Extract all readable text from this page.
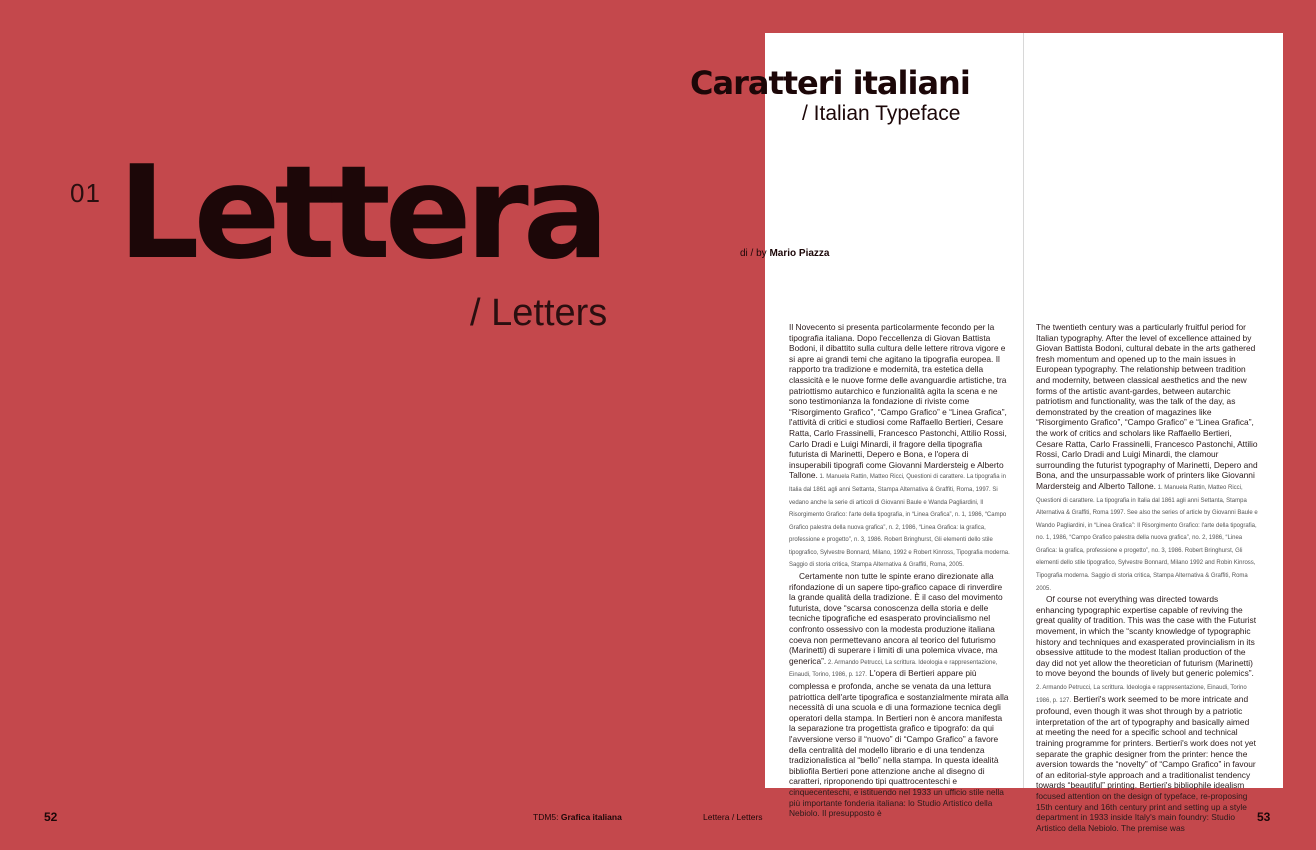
01 Lettera
/ Letters
Caratteri italiani
/ Italian Typeface
di / by Mario Piazza

Il Novecento si presenta particolarmente fecondo per la tipografia italiana. Dopo l'eccellenza di Giovan Battista Bodoni, il dibattito sulla cultura delle lettere ritrova vigore e si apre ai grandi temi che agitano la tipografia europea. Il rapporto tra tradizione e modernità, tra estetica della classicità e le nuove forme delle avanguardie artistiche, tra patriottismo autarchico e funzionalità agita la scena e ne sono testimonianza la fondazione di riviste come “Risorgimento Grafico”, “Campo Grafico” e “Linea Grafica”, l'attività di critici e studiosi come Raffaello Bertieri, Cesare Ratta, Carlo Frassinelli, Francesco Pastonchi, Attilio Rossi, Carlo Dradi e Luigi Minardi, il fragore della tipografia futurista di Marinetti, Depero e Bona, e l'opera di insuperabili tipografi come Giovanni Mardersteig e Alberto Tallone. 1. Manuela Rattin, Matteo Ricci, Questioni di carattere. La tipografia in Italia dal 1861 agli anni Settanta, Stampa Alternativa & Graffiti, Roma, 1997. Si vedano anche la serie di articoli di Giovanni Baule e Wanda Pagliardini, Il Risorgimento Grafico: l'arte della tipografia, in “Linea Grafica”, n. 1, 1986, “Campo Grafico palestra della nuova grafica”, n. 2, 1986, “Linea Grafica: la grafica, professione e progetto”, n. 3, 1986. Robert Bringhurst, Gli elementi dello stile tipografico, Sylvestre Bonnard, Milano, 1992 e Robert Kinross, Tipografia moderna. Saggio di storia critica, Stampa Alternativa & Graffiti, Roma, 2005.

Certamente non tutte le spinte erano direzionate alla rifondazione di un sapere tipo-grafico capace di rinverdire la grande qualità della tradizione. È il caso del movimento futurista, dove “scarsa conoscenza della storia e delle tecniche tipografiche ed esasperato provincialismo nel confronto ossessivo con la modesta produzione italiana coeva non permettevano ancora al teorico del futurismo (Marinetti) di superare i limiti di una polemica vivace, ma generica”. 2. Armando Petrucci, La scrittura. Ideologia e rappresentazione, Einaudi, Torino, 1986, p. 127. L'opera di Bertieri appare più complessa e profonda, anche se venata da una lettura patriottica dell'arte tipografica e sostanzialmente mirata alla necessità di una scuola e di una formazione tecnica degli operatori della stampa. In Bertieri non è ancora manifesta la separazione tra progettista grafico e tipografo: da qui l'avversione verso il “nuovo” di “Campo Grafico” a favore della centralità del modello librario e di una tendenza tradizionalistica al “bello” nella stampa. In questa idealità bibliofila Bertieri pone attenzione anche al disegno di caratteri, riproponendo tipi quattrocenteschi e cinquecenteschi, e istituendo nel 1933 un ufficio stile nella più importante fonderia italiana: lo Studio Artistico della Nebiolo. Il presupposto è

The twentieth century was a particularly fruitful period for Italian typography. After the level of excellence attained by Giovan Battista Bodoni, cultural debate in the arts gathered fresh momentum and opened up to the main issues in European typography. The relationship between tradition and modernity, between classical aesthetics and the new forms of the artistic avant-gardes, between autarchic patriotism and functionality, was the talk of the day, as demonstrated by the creation of magazines like “Risorgimento Grafico”, “Campo Grafico” e “Linea Grafica”, the work of critics and scholars like Raffaello Bertieri, Cesare Ratta, Carlo Frassinelli, Francesco Pastonchi, Attilio Rossi, Carlo Dradi and Luigi Minardi, the clamour surrounding the futurist typography of Marinetti, Depero and Bona, and the unsurpassable work of printers like Giovanni Mardersteig and Alberto Tallone. 1. Manuela Rattin, Matteo Ricci, Questioni di carattere. La tipografia in Italia dal 1861 agli anni Settanta, Stampa Alternativa & Graffiti, Roma 1997. See also the series of article by Giovanni Baule e Wando Pagliardini, in “Linea Grafica”: Il Risorgimento Grafico: l'arte della tipografia, no. 1, 1986, “Campo Grafico palestra della nuova grafica”, no. 2, 1986, “Linea Grafica: la grafica, professione e progetto”, no. 3, 1986. Robert Bringhurst, Gli elementi dello stile tipografico, Sylvestre Bonnard, Milano 1992 and Robin Kinross, Tipografia moderna. Saggio di storia critica, Stampa Alternativa & Graffiti, Roma 2005.

Of course not everything was directed towards enhancing typographic expertise capable of reviving the great quality of tradition. This was the case with the Futurist movement, in which the “scanty knowledge of typographic history and techniques and exasperated provincialism in its obsessive attitude to the modest Italian production of the day did not yet allow the theoretician of futurism (Marinetti) to move beyond the bounds of lively but generic polemics”. 2. Armando Petrucci, La scrittura. Ideologia e rappresentazione, Einaudi, Torino 1986, p. 127. Bertieri's work seemed to be more intricate and profound, even though it was shot through by a patriotic interpretation of the art of typography and basically aimed at meeting the need for a specific school and technical training programme for printers. Bertieri's work does not yet separate the graphic designer from the printer: hence the aversion towards the “novelty” of “Campo Grafico” in favour of an editorial-style approach and a traditionalist tendency towards “beautiful” printing. Bertieri's bibliophile idealism focused attention on the design of typeface, re-proposing 15th century and 16th century print and setting up a style department in 1933 inside Italy's main foundry: Studio Artistico della Nebiolo. The premise was

52	TDM5: Grafica italiana	Lettera / Letters	53
